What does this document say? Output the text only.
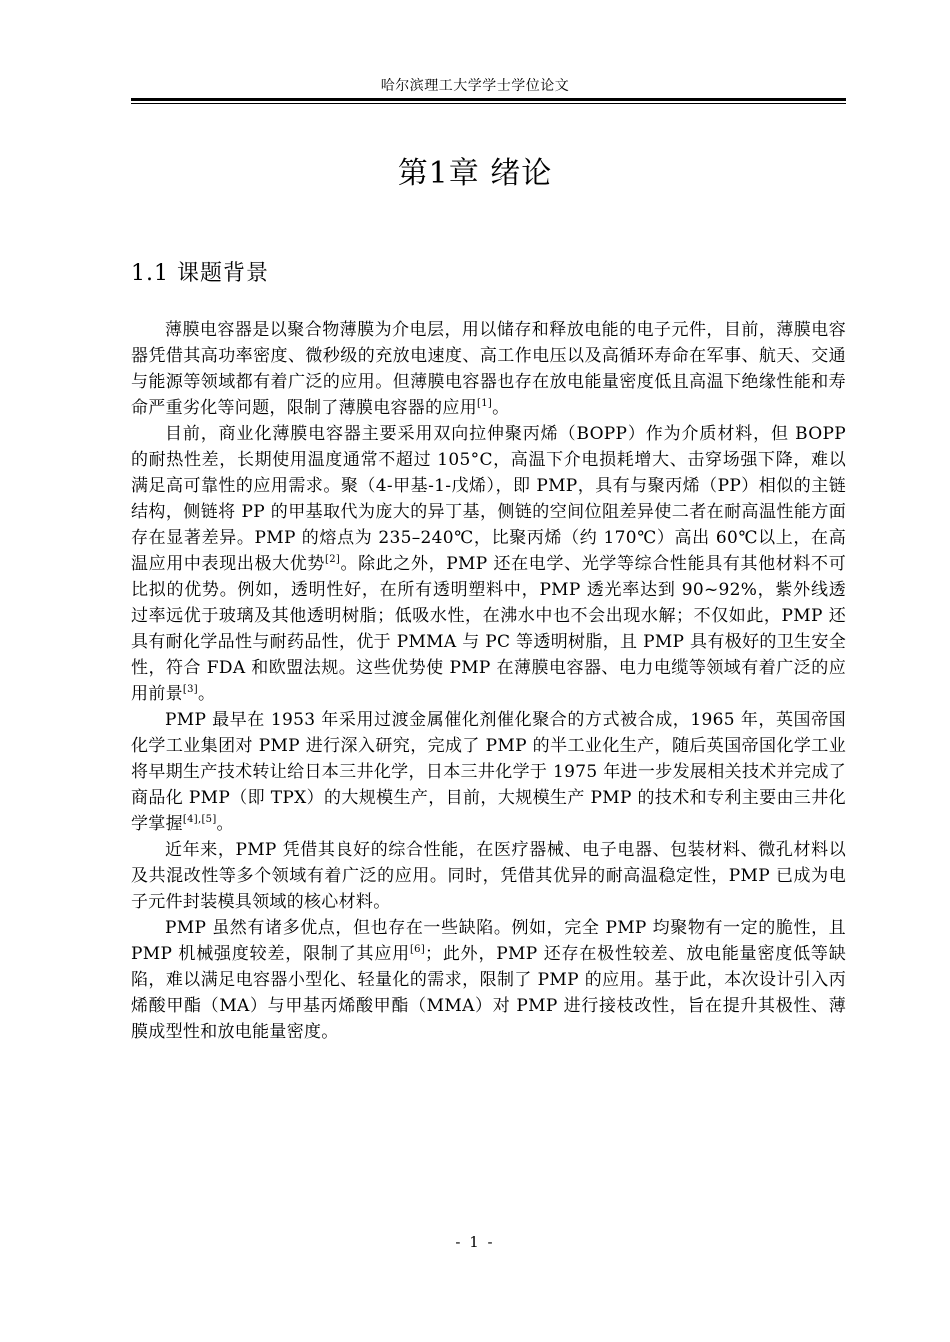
哈尔滨理工大学学士学位论文
第1章 绪论
1.1 课题背景

薄膜电容器是以聚合物薄膜为介电层，用以储存和释放电能的电子元件，目前，薄膜电容器凭借其高功率密度、微秒级的充放电速度、高工作电压以及高循环寿命在军事、航天、交通与能源等领域都有着广泛的应用。但薄膜电容器也存在放电能量密度低且高温下绝缘性能和寿命严重劣化等问题，限制了薄膜电容器的应用[1]。

目前，商业化薄膜电容器主要采用双向拉伸聚丙烯（BOPP）作为介质材料，但 BOPP 的耐热性差，长期使用温度通常不超过 105°C，高温下介电损耗增大、击穿场强下降，难以满足高可靠性的应用需求。聚（4-甲基-1-戊烯），即 PMP，具有与聚丙烯（PP）相似的主链结构，侧链将 PP 的甲基取代为庞大的异丁基，侧链的空间位阻差异使二者在耐高温性能方面存在显著差异。PMP 的熔点为 235–240℃，比聚丙烯（约 170℃）高出 60℃以上，在高温应用中表现出极大优势[2]。除此之外，PMP 还在电学、光学等综合性能具有其他材料不可比拟的优势。例如，透明性好，在所有透明塑料中，PMP 透光率达到 90~92%，紫外线透过率远优于玻璃及其他透明树脂；低吸水性，在沸水中也不会出现水解；不仅如此，PMP 还具有耐化学品性与耐药品性，优于 PMMA 与 PC 等透明树脂，且 PMP 具有极好的卫生安全性，符合 FDA 和欧盟法规。这些优势使 PMP 在薄膜电容器、电力电缆等领域有着广泛的应用前景[3]。

PMP 最早在 1953 年采用过渡金属催化剂催化聚合的方式被合成，1965 年，英国帝国化学工业集团对 PMP 进行深入研究，完成了 PMP 的半工业化生产，随后英国帝国化学工业将早期生产技术转让给日本三井化学，日本三井化学于 1975 年进一步发展相关技术并完成了商品化 PMP（即 TPX）的大规模生产，目前，大规模生产 PMP 的技术和专利主要由三井化学掌握[4],[5]。

近年来，PMP 凭借其良好的综合性能，在医疗器械、电子电器、包装材料、微孔材料以及共混改性等多个领域有着广泛的应用。同时，凭借其优异的耐高温稳定性，PMP 已成为电子元件封装模具领域的核心材料。

PMP 虽然有诸多优点，但也存在一些缺陷。例如，完全 PMP 均聚物有一定的脆性，且 PMP 机械强度较差，限制了其应用[6]；此外，PMP 还存在极性较差、放电能量密度低等缺陷，难以满足电容器小型化、轻量化的需求，限制了 PMP 的应用。基于此，本次设计引入丙烯酸甲酯（MA）与甲基丙烯酸甲酯（MMA）对 PMP 进行接枝改性，旨在提升其极性、薄膜成型性和放电能量密度。

- 1 -
